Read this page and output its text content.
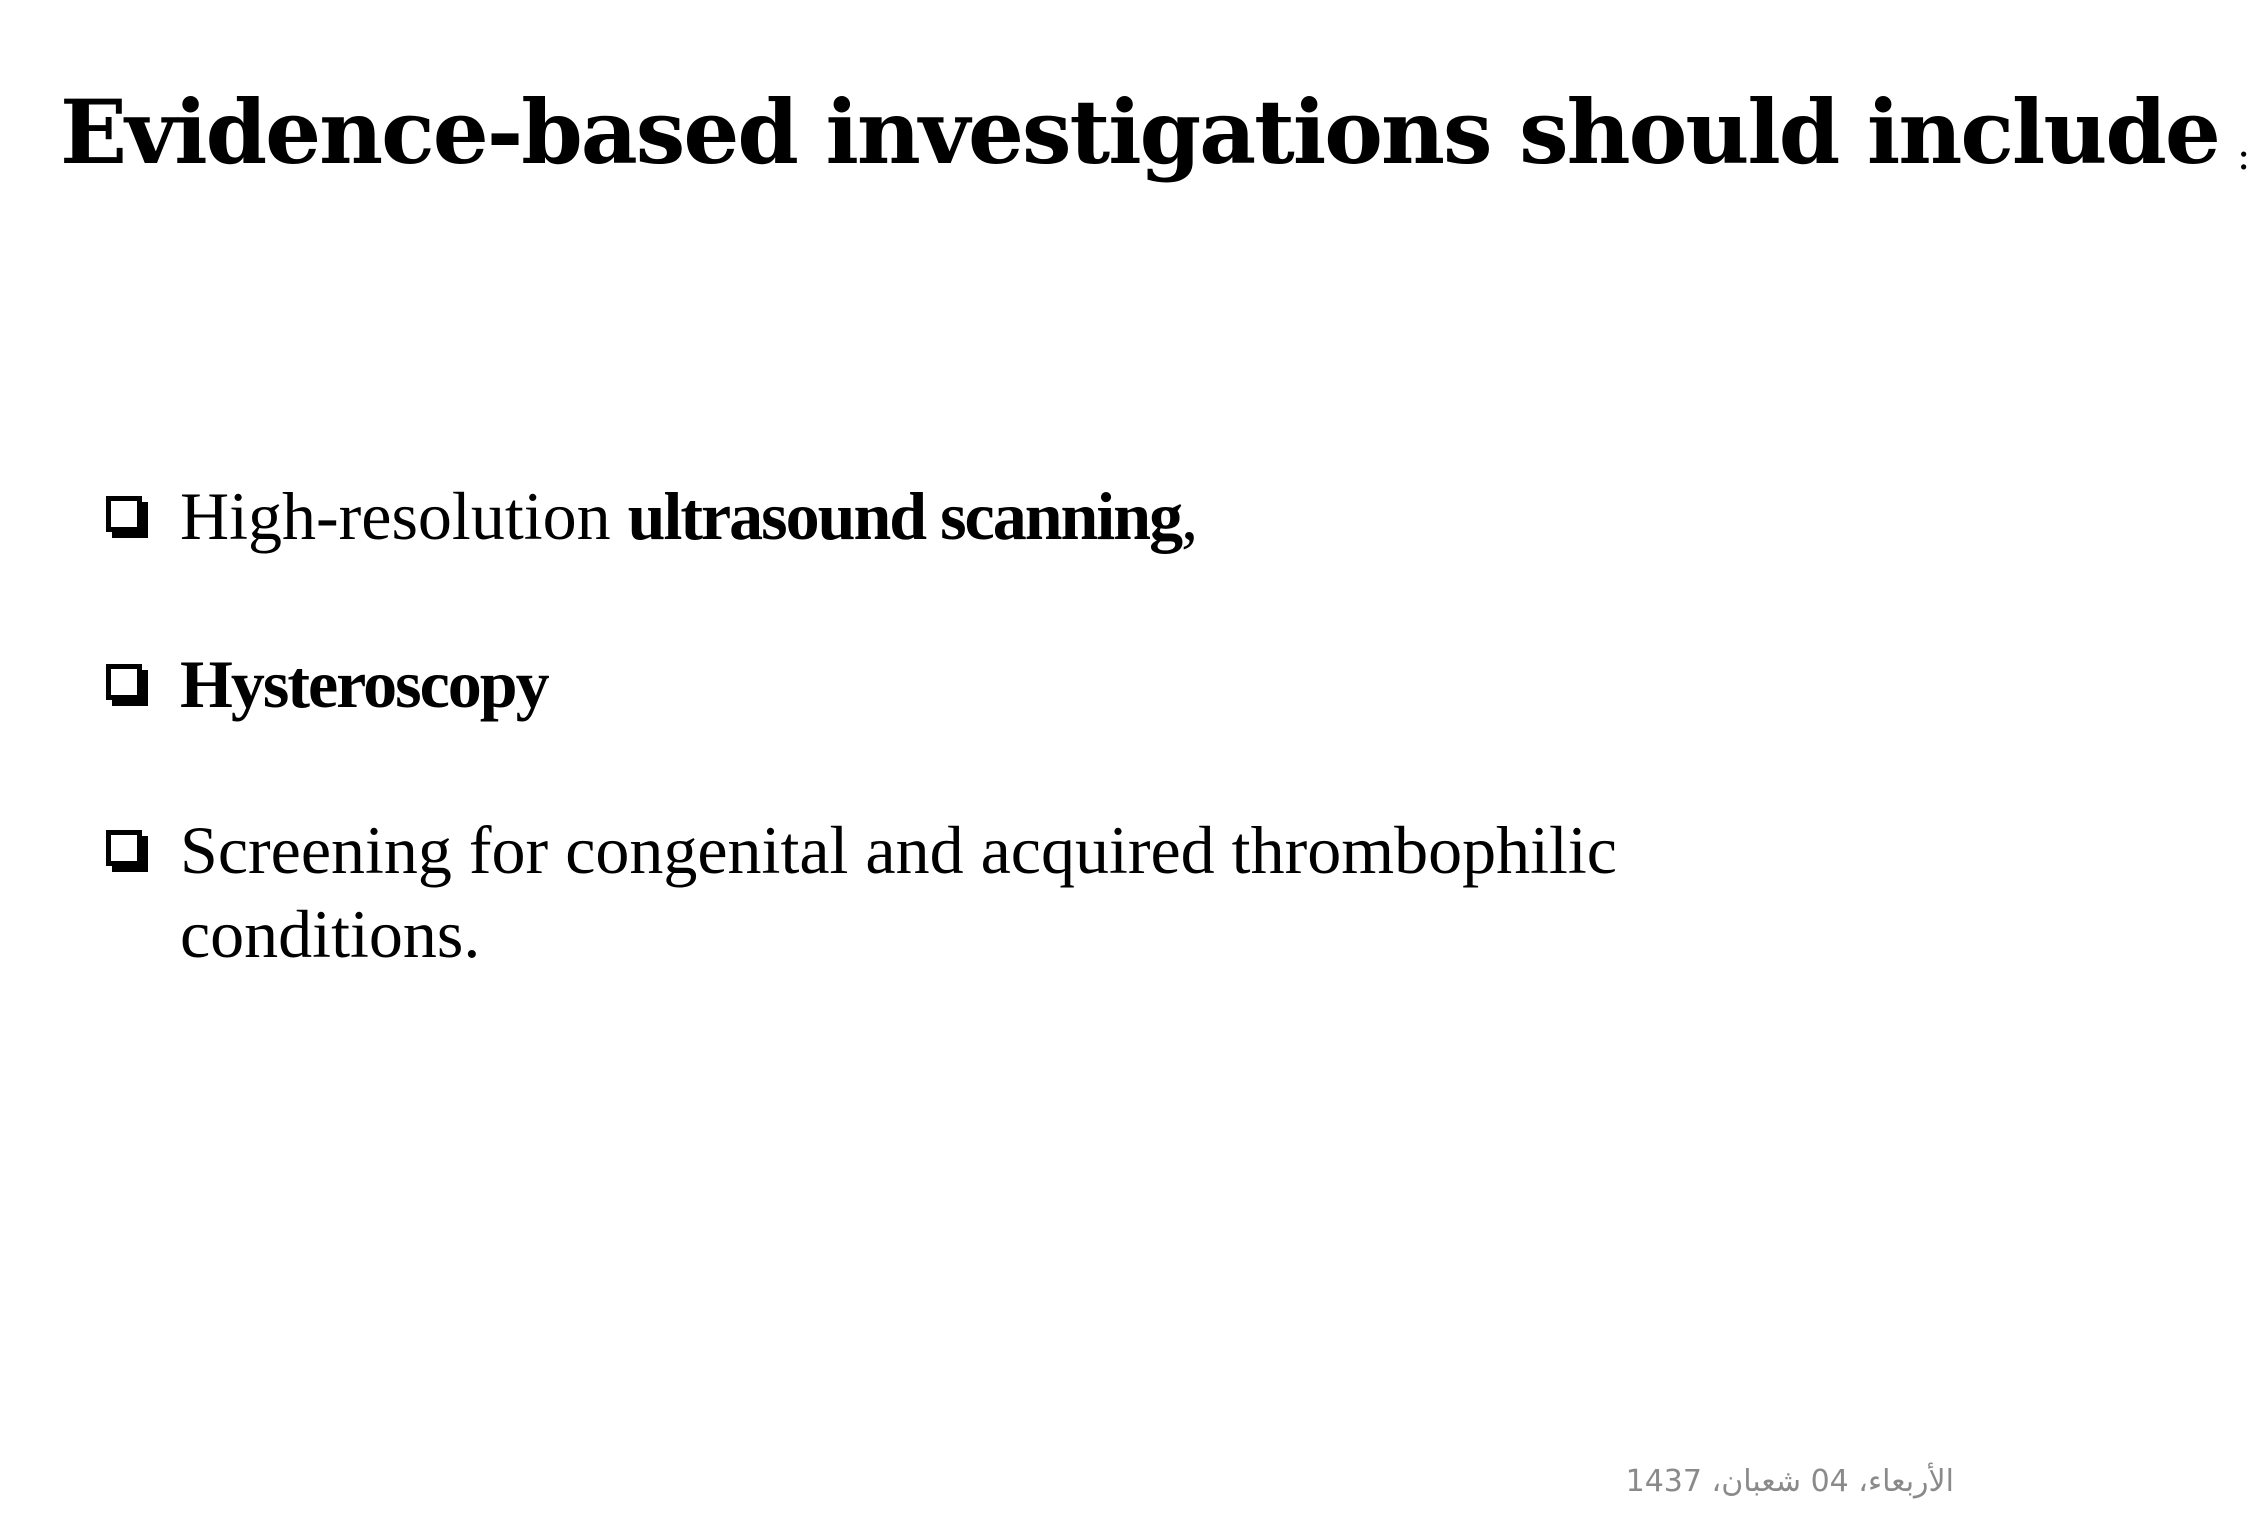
Evidence-based investigations should include :
High-resolution ultrasound scanning,
Hysteroscopy
Screening for congenital and acquired thrombophilic conditions.
الأربعاء، 04 شعبان، 1437
